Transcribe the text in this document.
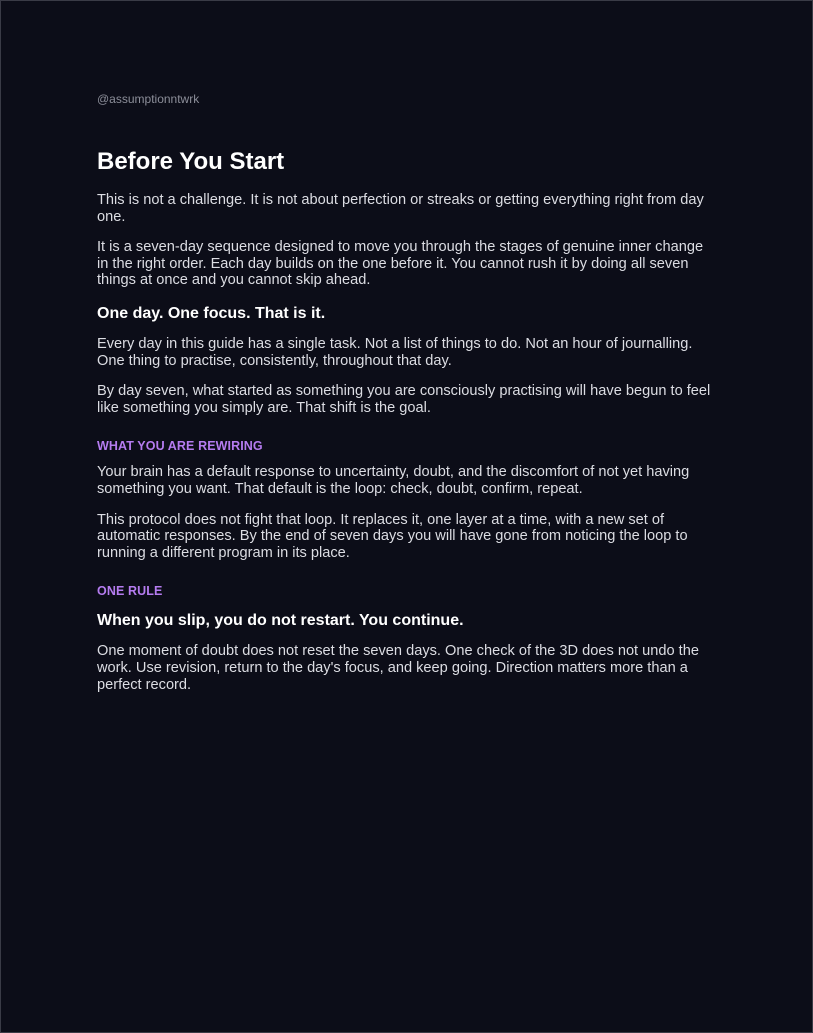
@assumptionntwrk
Before You Start

This is not a challenge. It is not about perfection or streaks or getting everything right from day one.

It is a seven-day sequence designed to move you through the stages of genuine inner change in the right order. Each day builds on the one before it. You cannot rush it by doing all seven things at once and you cannot skip ahead.

One day. One focus. That is it.

Every day in this guide has a single task. Not a list of things to do. Not an hour of journalling. One thing to practise, consistently, throughout that day.

By day seven, what started as something you are consciously practising will have begun to feel like something you simply are. That shift is the goal.

WHAT YOU ARE REWIRING

Your brain has a default response to uncertainty, doubt, and the discomfort of not yet having something you want. That default is the loop: check, doubt, confirm, repeat.

This protocol does not fight that loop. It replaces it, one layer at a time, with a new set of automatic responses. By the end of seven days you will have gone from noticing the loop to running a different program in its place.

ONE RULE
When you slip, you do not restart. You continue.

One moment of doubt does not reset the seven days. One check of the 3D does not undo the work. Use revision, return to the day's focus, and keep going. Direction matters more than a perfect record.
